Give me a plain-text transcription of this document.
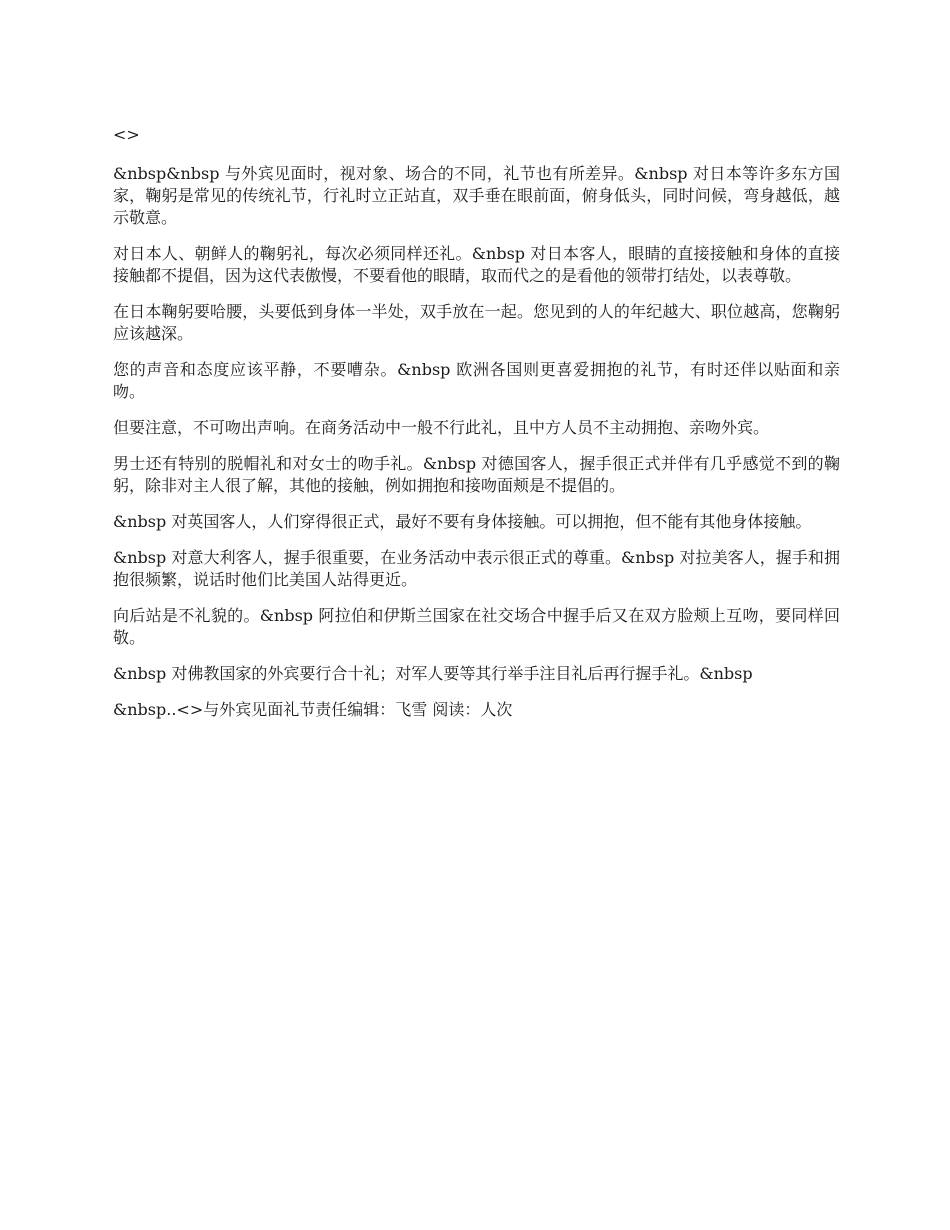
<>

&nbsp&nbsp 与外宾见面时，视对象、场合的不同，礼节也有所差异。&nbsp 对日本等许多东方国家，鞠躬是常见的传统礼节，行礼时立正站直，双手垂在眼前面，俯身低头，同时问候，弯身越低，越示敬意。

对日本人、朝鲜人的鞠躬礼，每次必须同样还礼。&nbsp 对日本客人，眼睛的直接接触和身体的直接接触都不提倡，因为这代表傲慢，不要看他的眼睛，取而代之的是看他的领带打结处，以表尊敬。

在日本鞠躬要哈腰，头要低到身体一半处，双手放在一起。您见到的人的年纪越大、职位越高，您鞠躬应该越深。

您的声音和态度应该平静，不要嘈杂。&nbsp 欧洲各国则更喜爱拥抱的礼节，有时还伴以贴面和亲吻。

但要注意，不可吻出声响。在商务活动中一般不行此礼，且中方人员不主动拥抱、亲吻外宾。

男士还有特别的脱帽礼和对女士的吻手礼。&nbsp 对德国客人，握手很正式并伴有几乎感觉不到的鞠躬，除非对主人很了解，其他的接触，例如拥抱和接吻面颊是不提倡的。

&nbsp 对英国客人，人们穿得很正式，最好不要有身体接触。可以拥抱，但不能有其他身体接触。

&nbsp 对意大利客人，握手很重要，在业务活动中表示很正式的尊重。&nbsp 对拉美客人，握手和拥抱很频繁，说话时他们比美国人站得更近。

向后站是不礼貌的。&nbsp 阿拉伯和伊斯兰国家在社交场合中握手后又在双方脸颊上互吻，要同样回敬。

&nbsp 对佛教国家的外宾要行合十礼；对军人要等其行举手注目礼后再行握手礼。&nbsp

&nbsp..<>与外宾见面礼节责任编辑：飞雪 阅读：人次
